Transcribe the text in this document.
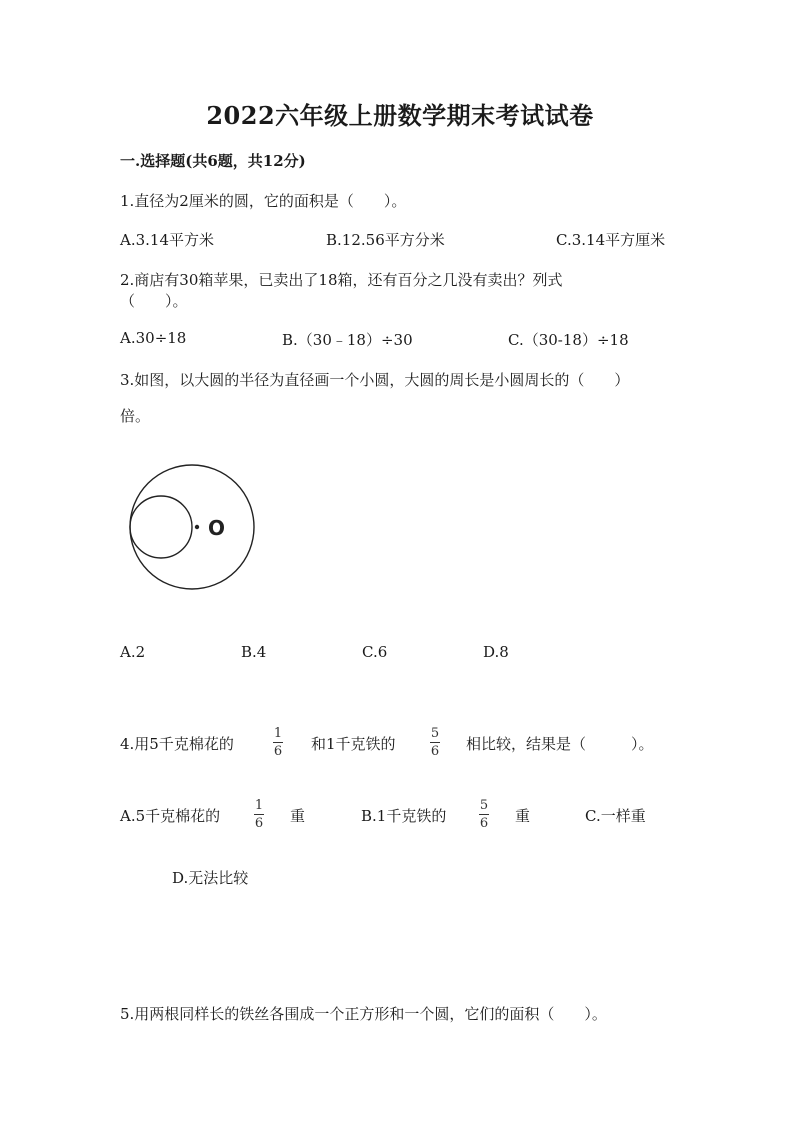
2022六年级上册数学期末考试试卷
一.选择题(共6题，共12分)
1.直径为2厘米的圆，它的面积是（　　）。
A.3.14平方米	B.12.56平方分米	C.3.14平方厘米
2.商店有30箱苹果，已卖出了18箱，还有百分之几没有卖出？列式
（　　）。
A.30÷18	B.（30﹣18）÷30	C.（30-18）÷18
3.如图，以大圆的半径为直径画一个小圆，大圆的周长是小圆周长的（　　）
倍。
O
A.2	B.4	C.6	D.8
4.用5千克棉花的
1
6 和1千克铁的
5
6 相比较，结果是（　　　）。
A.5千克棉花的
1
6 重	B.1千克铁的
5
6 重	C.一样重
D.无法比较
5.用两根同样长的铁丝各围成一个正方形和一个圆，它们的面积（　　）。
